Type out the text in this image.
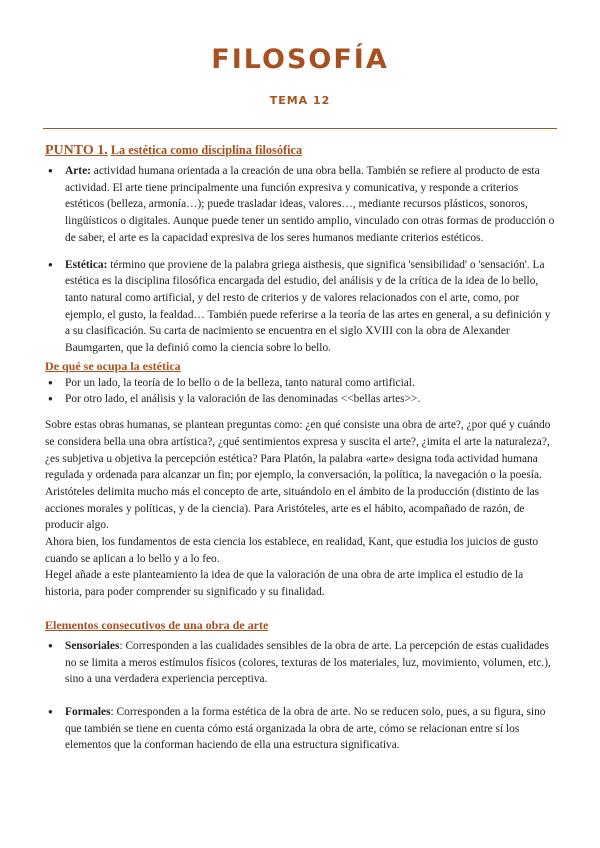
FILOSOFÍA
TEMA 12
PUNTO 1. La estética como disciplina filosófica
● Arte: actividad humana orientada a la creación de una obra bella. También se refiere al producto de esta actividad. El arte tiene principalmente una función expresiva y comunicativa, y responde a criterios estéticos (belleza, armonía…); puede trasladar ideas, valores…, mediante recursos plásticos, sonoros, lingüísticos o digitales. Aunque puede tener un sentido amplio, vinculado con otras formas de producción o de saber, el arte es la capacidad expresiva de los seres humanos mediante criterios estéticos.
● Estética: término que proviene de la palabra griega aisthesis, que significa 'sensibilidad' o 'sensación'. La estética es la disciplina filosófica encargada del estudio, del análisis y de la crítica de la idea de lo bello, tanto natural como artificial, y del resto de criterios y de valores relacionados con el arte, como, por ejemplo, el gusto, la fealdad… También puede referirse a la teoría de las artes en general, a su definición y a su clasificación. Su carta de nacimiento se encuentra en el siglo XVIII con la obra de Alexander Baumgarten, que la definió como la ciencia sobre lo bello.
De qué se ocupa la estética
● Por un lado, la teoría de lo bello o de la belleza, tanto natural como artificial.
● Por otro lado, el análisis y la valoración de las denominadas <<bellas artes>>.

Sobre estas obras humanas, se plantean preguntas como: ¿en qué consiste una obra de arte?, ¿por qué y cuándo se considera bella una obra artística?, ¿qué sentimientos expresa y suscita el arte?, ¿imita el arte la naturaleza?, ¿es subjetiva u objetiva la percepción estética? Para Platón, la palabra «arte» designa toda actividad humana regulada y ordenada para alcanzar un fin; por ejemplo, la conversación, la política, la navegación o la poesía.

Aristóteles delimita mucho más el concepto de arte, situándolo en el ámbito de la producción (distinto de las acciones morales y políticas, y de la ciencia). Para Aristóteles, arte es el hábito, acompañado de razón, de producir algo.

Ahora bien, los fundamentos de esta ciencia los establece, en realidad, Kant, que estudia los juicios de gusto cuando se aplican a lo bello y a lo feo.

Hegel añade a este planteamiento la idea de que la valoración de una obra de arte implica el estudio de la historia, para poder comprender su significado y su finalidad.

Elementos consecutivos de una obra de arte
● Sensoriales: Corresponden a las cualidades sensibles de la obra de arte. La percepción de estas cualidades no se limita a meros estímulos físicos (colores, texturas de los materiales, luz, movimiento, volumen, etc.), sino a una verdadera experiencia perceptiva.
● Formales: Corresponden a la forma estética de la obra de arte. No se reducen solo, pues, a su figura, sino que también se tiene en cuenta cómo está organizada la obra de arte, cómo se relacionan entre sí los elementos que la conforman haciendo de ella una estructura significativa.
